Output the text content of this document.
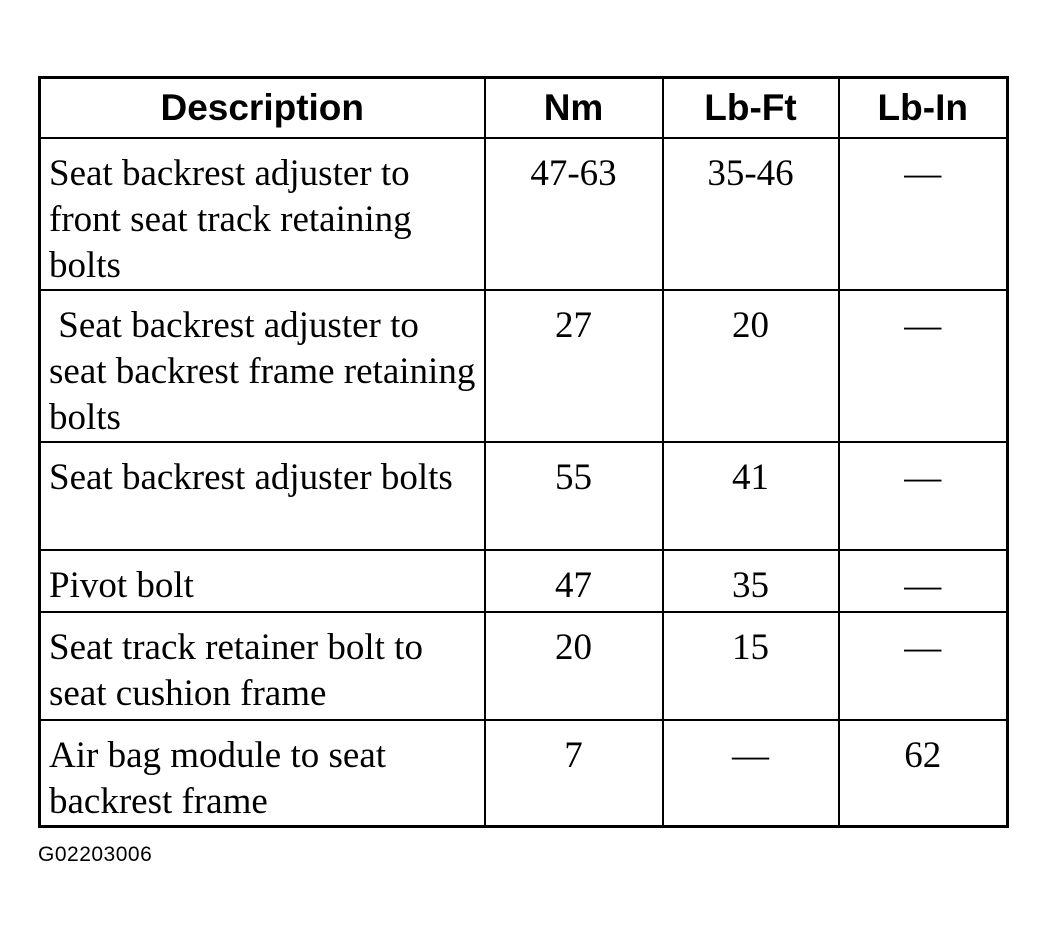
Description	Nm	Lb-Ft	Lb-In
Seat backrest adjuster to front seat track retaining bolts	47-63	35-46	—
Seat backrest adjuster to seat backrest frame retaining bolts	27	20	—
Seat backrest adjuster bolts	55	41	—
Pivot bolt	47	35	—
Seat track retainer bolt to seat cushion frame	20	15	—
Air bag module to seat backrest frame	7	—	62
G02203006
